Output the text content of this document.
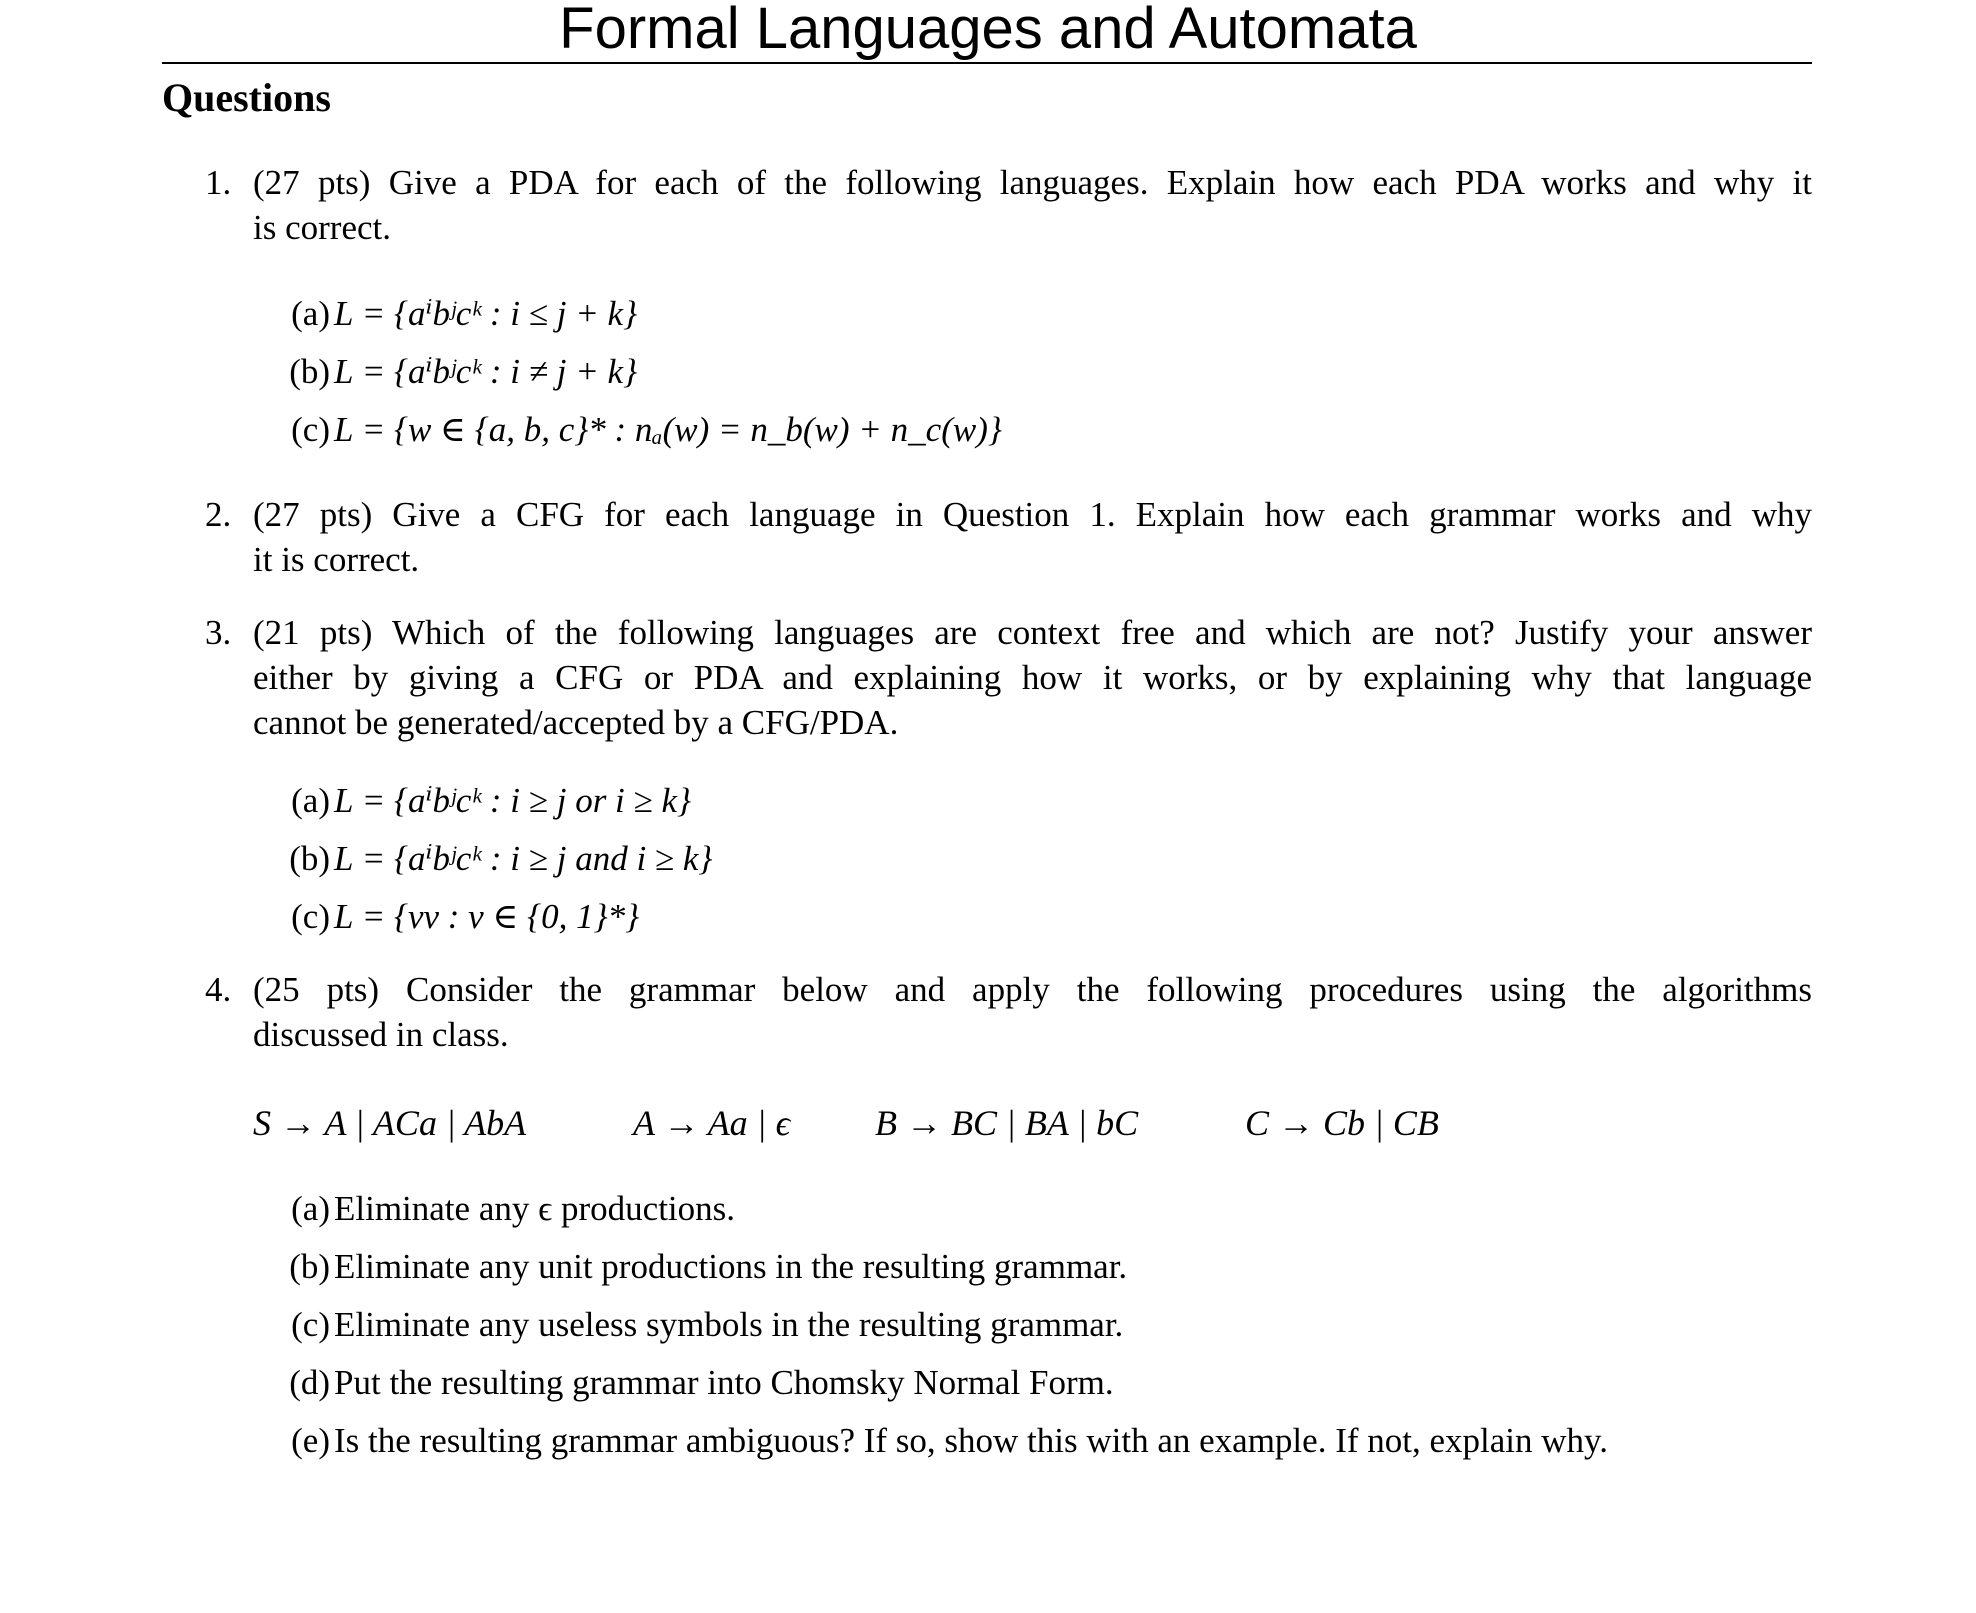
Formal Languages and Automata
Questions
1. (27 pts) Give a PDA for each of the following languages. Explain how each PDA works and why it
is correct.
(a) L = {aⁱbʲcᵏ : i ≤ j + k}
(b) L = {aⁱbʲcᵏ : i ≠ j + k}
(c) L = {w ∈ {a, b, c}* : nₐ(w) = n_b(w) + n_c(w)}
2. (27 pts) Give a CFG for each language in Question 1. Explain how each grammar works and why
it is correct.
3. (21 pts) Which of the following languages are context free and which are not? Justify your answer
either by giving a CFG or PDA and explaining how it works, or by explaining why that language
cannot be generated/accepted by a CFG/PDA.
(a) L = {aⁱbʲcᵏ : i ≥ j or i ≥ k}
(b) L = {aⁱbʲcᵏ : i ≥ j and i ≥ k}
(c) L = {vv : v ∈ {0, 1}*}
4. (25 pts) Consider the grammar below and apply the following procedures using the algorithms
discussed in class.
S → A | ACa | AbA	A → Aa | ϵ B → BC | BA | bC	C → Cb | CB
(a) Eliminate any ϵ productions.
(b) Eliminate any unit productions in the resulting grammar.
(c) Eliminate any useless symbols in the resulting grammar.
(d) Put the resulting grammar into Chomsky Normal Form.
(e) Is the resulting grammar ambiguous? If so, show this with an example. If not, explain why.
